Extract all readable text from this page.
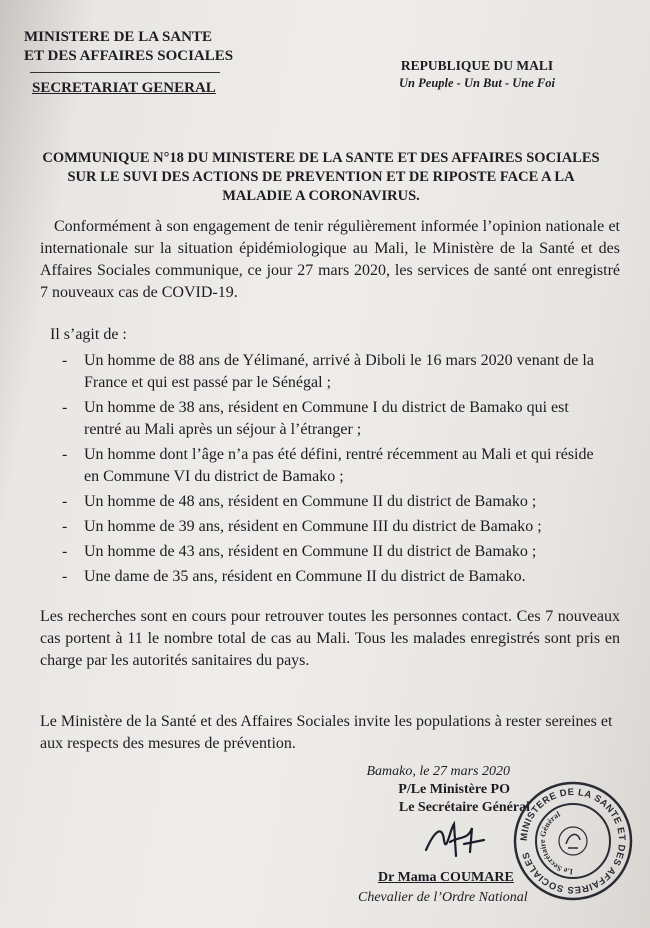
MINISTERE DE LA SANTE
ET DES AFFAIRES SOCIALES
SECRETARIAT GENERAL
REPUBLIQUE DU MALI
Un Peuple - Un But - Une Foi
COMMUNIQUE N°18 DU MINISTERE DE LA SANTE ET DES AFFAIRES SOCIALES SUR LE SUVI DES ACTIONS DE PREVENTION ET DE RIPOSTE FACE A LA MALADIE A CORONAVIRUS.
Conformément à son engagement de tenir régulièrement informée l’opinion nationale et internationale sur la situation épidémiologique au Mali, le Ministère de la Santé et des Affaires Sociales communique, ce jour 27 mars 2020, les services de santé ont enregistré 7 nouveaux cas de COVID-19.
Il s’agit de :
- Un homme de 88 ans de Yélimané, arrivé à Diboli le 16 mars 2020 venant de la France et qui est passé par le Sénégal ;
- Un homme de 38 ans, résident en Commune I du district de Bamako qui est rentré au Mali après un séjour à l’étranger ;
- Un homme dont l’âge n’a pas été défini, rentré récemment au Mali et qui réside en Commune VI du district de Bamako ;
- Un homme de 48 ans, résident en Commune II du district de Bamako ;
- Un homme de 39 ans, résident en Commune III du district de Bamako ;
- Un homme de 43 ans, résident en Commune II du district de Bamako ;
- Une dame de 35 ans, résident en Commune II du district de Bamako.
Les recherches sont en cours pour retrouver toutes les personnes contact. Ces 7 nouveaux cas portent à 11 le nombre total de cas au Mali. Tous les malades enregistrés sont pris en charge par les autorités sanitaires du pays.
Le Ministère de la Santé et des Affaires Sociales invite les populations à rester sereines et aux respects des mesures de prévention.
Bamako, le 27 mars 2020
P/Le Ministère PO
Le Secrétaire Général
Dr Mama COUMARE
Chevalier de l’Ordre National
MINISTERE DE LA SANTE ET DES AFFAIRES SOCIALES
Le Secrétaire Général
